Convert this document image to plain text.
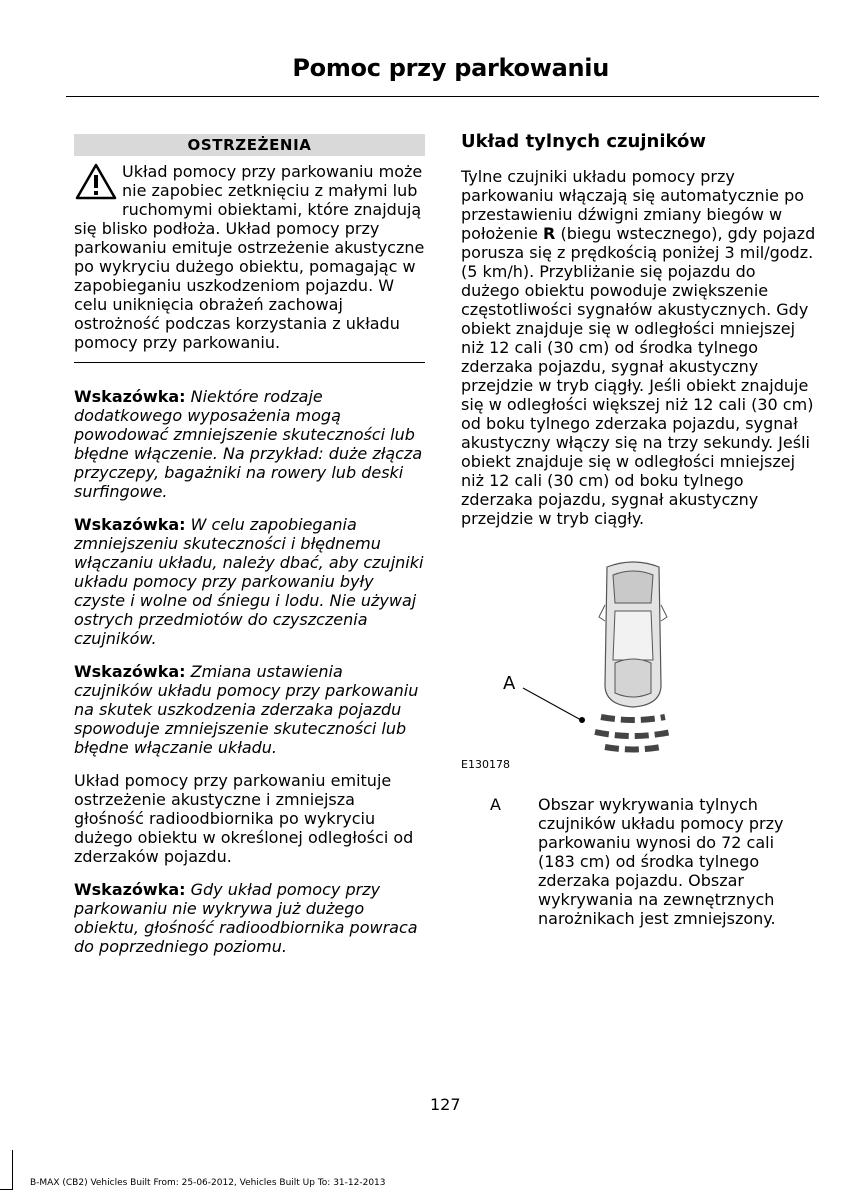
Pomoc przy parkowaniu
OSTRZEŻENIA
Układ pomocy przy parkowaniu może nie zapobiec zetknięciu z małymi lub ruchomymi obiektami, które znajdują się blisko podłoża. Układ pomocy przy parkowaniu emituje ostrzeżenie akustyczne po wykryciu dużego obiektu, pomagając w zapobieganiu uszkodzeniom pojazdu. W celu uniknięcia obrażeń zachowaj ostrożność podczas korzystania z układu pomocy przy parkowaniu.

Wskazówka: Niektóre rodzaje dodatkowego wyposażenia mogą powodować zmniejszenie skuteczności lub błędne włączenie. Na przykład: duże złącza przyczepy, bagażniki na rowery lub deski surfingowe.

Wskazówka: W celu zapobiegania zmniejszeniu skuteczności i błędnemu włączaniu układu, należy dbać, aby czujniki układu pomocy przy parkowaniu były czyste i wolne od śniegu i lodu. Nie używaj ostrych przedmiotów do czyszczenia czujników.

Wskazówka: Zmiana ustawienia czujników układu pomocy przy parkowaniu na skutek uszkodzenia zderzaka pojazdu spowoduje zmniejszenie skuteczności lub błędne włączanie układu.

Układ pomocy przy parkowaniu emituje ostrzeżenie akustyczne i zmniejsza głośność radioodbiornika po wykryciu dużego obiektu w określonej odległości od zderzaków pojazdu.

Wskazówka: Gdy układ pomocy przy parkowaniu nie wykrywa już dużego obiektu, głośność radioodbiornika powraca do poprzedniego poziomu.

Układ tylnych czujników

Tylne czujniki układu pomocy przy parkowaniu włączają się automatycznie po przestawieniu dźwigni zmiany biegów w położenie R (biegu wstecznego), gdy pojazd porusza się z prędkością poniżej 3 mil/godz. (5 km/h). Przybliżanie się pojazdu do dużego obiektu powoduje zwiększenie częstotliwości sygnałów akustycznych. Gdy obiekt znajduje się w odległości mniejszej niż 12 cali (30 cm) od środka tylnego zderzaka pojazdu, sygnał akustyczny przejdzie w tryb ciągły. Jeśli obiekt znajduje się w odległości większej niż 12 cali (30 cm) od boku tylnego zderzaka pojazdu, sygnał akustyczny włączy się na trzy sekundy. Jeśli obiekt znajduje się w odległości mniejszej niż 12 cali (30 cm) od boku tylnego zderzaka pojazdu, sygnał akustyczny przejdzie w tryb ciągły.

A
E130178
A Obszar wykrywania tylnych czujników układu pomocy przy parkowaniu wynosi do 72 cali (183 cm) od środka tylnego zderzaka pojazdu. Obszar wykrywania na zewnętrznych narożnikach jest zmniejszony.
127
B-MAX (CB2) Vehicles Built From: 25-06-2012, Vehicles Built Up To: 31-12-2013
